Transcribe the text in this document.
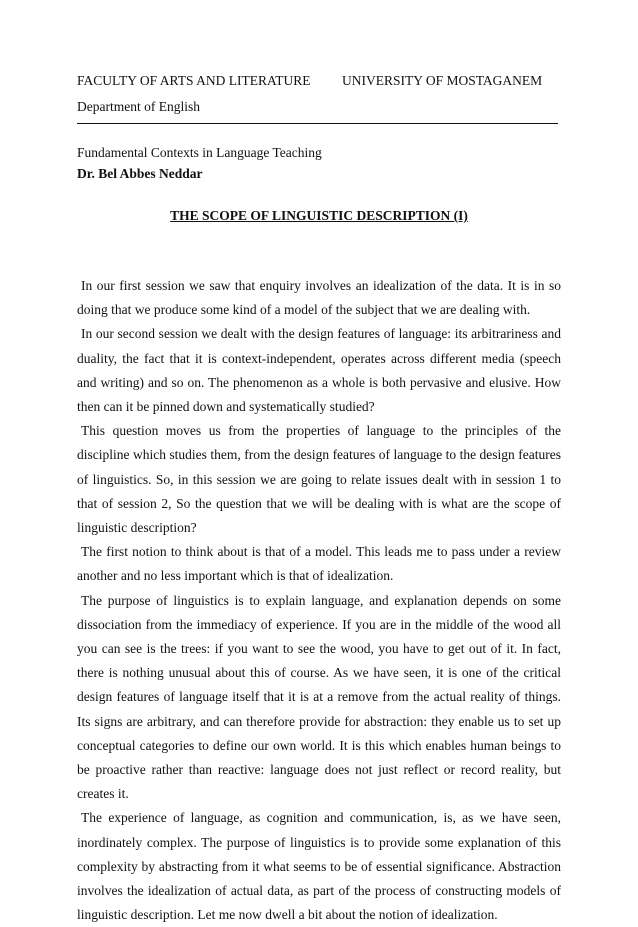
FACULTY OF ARTS AND LITERATURE UNIVERSITY OF MOSTAGANEM
Department of English
Fundamental Contexts in Language Teaching
Dr. Bel Abbes Neddar
THE SCOPE OF LINGUISTIC DESCRIPTION (I)

In our first session we saw that enquiry involves an idealization of the data. It is in so doing that we produce some kind of a model of the subject that we are dealing with.

In our second session we dealt with the design features of language: its arbitrariness and duality, the fact that it is context-independent, operates across different media (speech and writing) and so on. The phenomenon as a whole is both pervasive and elusive. How then can it be pinned down and systematically studied?

This question moves us from the properties of language to the principles of the discipline which studies them, from the design features of language to the design features of linguistics. So, in this session we are going to relate issues dealt with in session 1 to that of session 2, So the question that we will be dealing with is what are the scope of linguistic description?

The first notion to think about is that of a model. This leads me to pass under a review another and no less important which is that of idealization.

The purpose of linguistics is to explain language, and explanation depends on some dissociation from the immediacy of experience. If you are in the middle of the wood all you can see is the trees: if you want to see the wood, you have to get out of it. In fact, there is nothing unusual about this of course. As we have seen, it is one of the critical design features of language itself that it is at a remove from the actual reality of things. Its signs are arbitrary, and can therefore provide for abstraction: they enable us to set up conceptual categories to define our own world. It is this which enables human beings to be proactive rather than reactive: language does not just reflect or record reality, but creates it.

The experience of language, as cognition and communication, is, as we have seen, inordinately complex. The purpose of linguistics is to provide some explanation of this complexity by abstracting from it what seems to be of essential significance. Abstraction involves the idealization of actual data, as part of the process of constructing models of linguistic description. Let me now dwell a bit about the notion of idealization.
